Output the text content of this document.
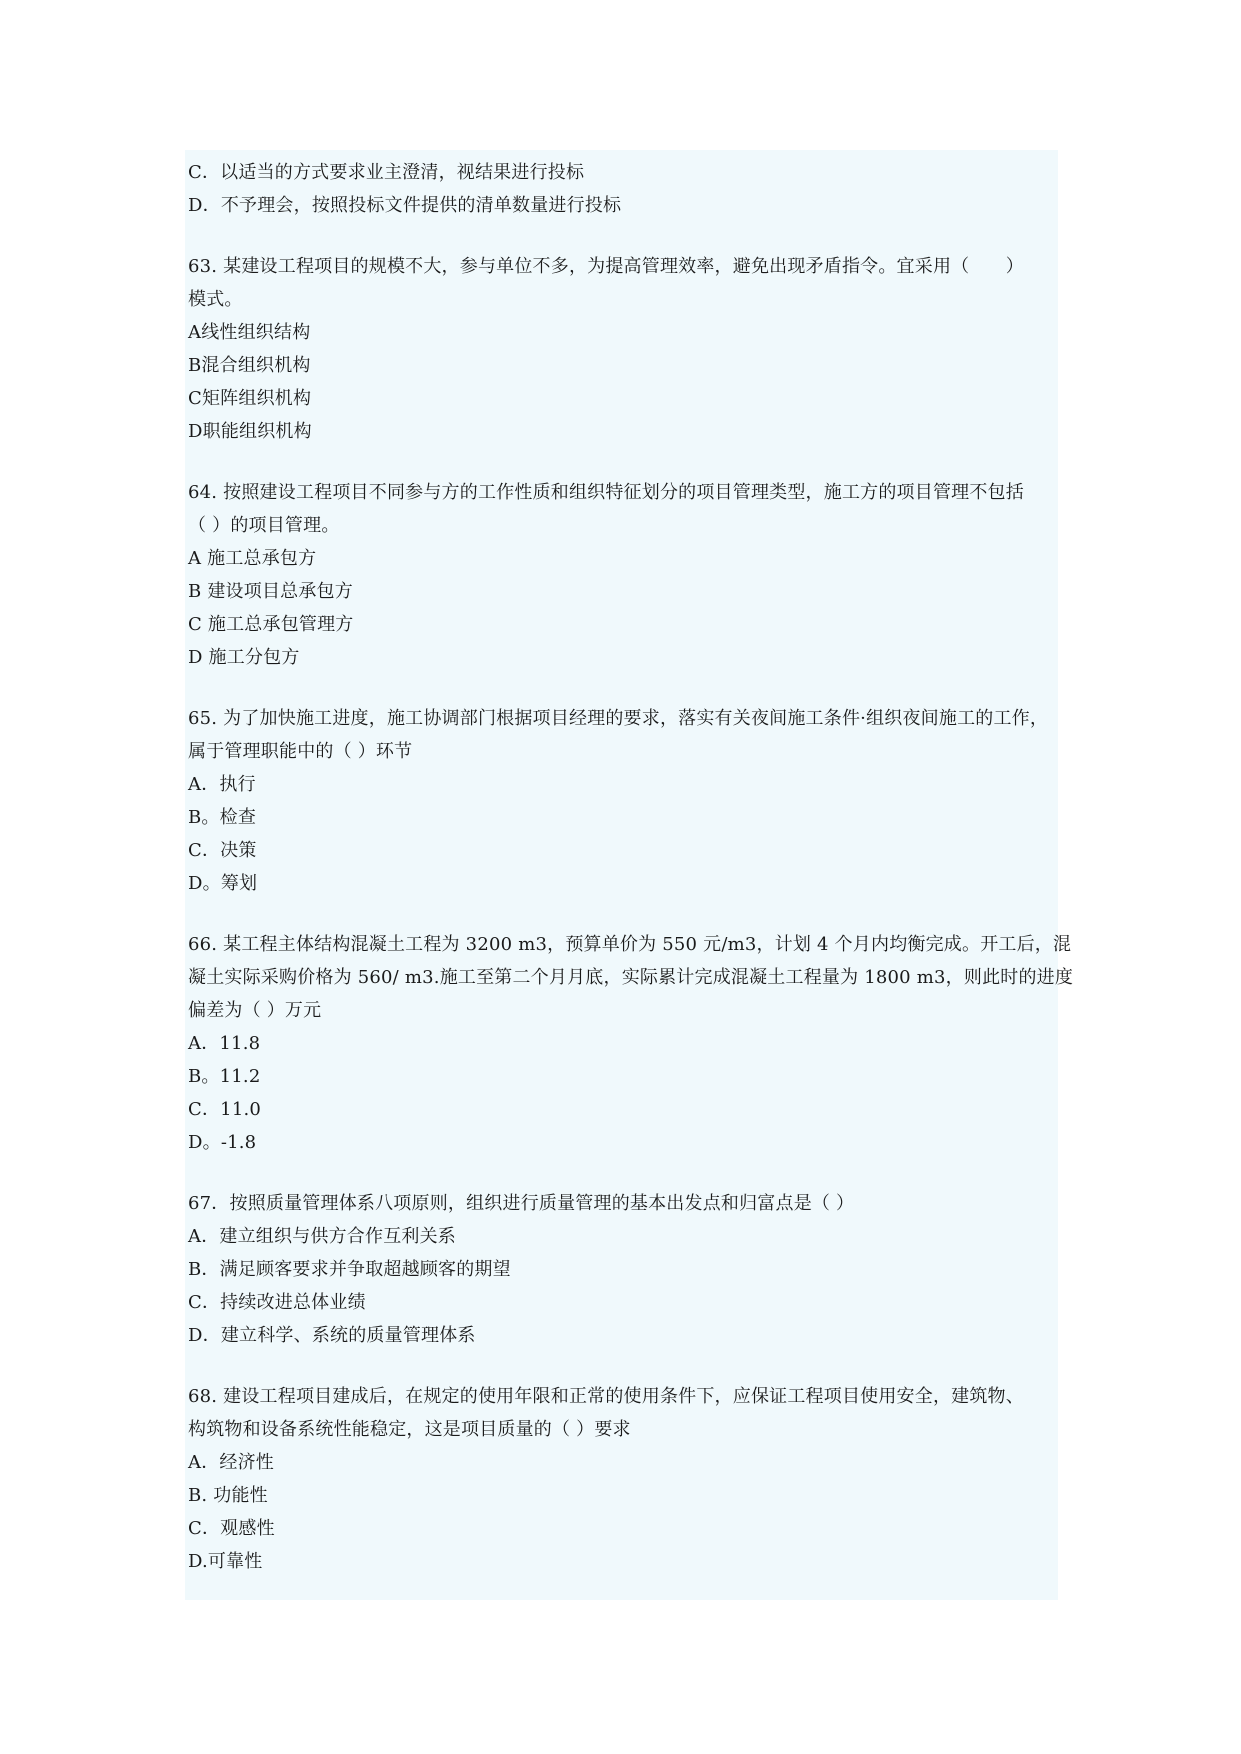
C．以适当的方式要求业主澄清，视结果进行投标
D．不予理会，按照投标文件提供的清单数量进行投标
63. 某建设工程项目的规模不大，参与单位不多，为提高管理效率，避免出现矛盾指令。宜采用（　　）
模式。
A线性组织结构
B混合组织机构
C矩阵组织机构
D职能组织机构
64. 按照建设工程项目不同参与方的工作性质和组织特征划分的项目管理类型，施工方的项目管理不包括
（ ）的项目管理。
A 施工总承包方
B 建设项目总承包方
C 施工总承包管理方
D 施工分包方
65. 为了加快施工进度，施工协调部门根据项目经理的要求，落实有关夜间施工条件·组织夜间施工的工作，
属于管理职能中的（ ）环节
A．执行
B。检查
C．决策
D。筹划
66. 某工程主体结构混凝土工程为 3200 m3，预算单价为 550 元/m3，计划 4 个月内均衡完成。开工后，混
凝土实际采购价格为 560/ m3.施工至第二个月月底，实际累计完成混凝土工程量为 1800 m3，则此时的进度
偏差为（ ）万元
A．11.8
B。11.2
C．11.0
D。-1.8
67．按照质量管理体系八项原则，组织进行质量管理的基本出发点和归富点是（ ）
A．建立组织与供方合作互利关系
B．满足顾客要求并争取超越顾客的期望
C．持续改进总体业绩
D．建立科学、系统的质量管理体系
68. 建设工程项目建成后，在规定的使用年限和正常的使用条件下，应保证工程项目使用安全，建筑物、
构筑物和设备系统性能稳定，这是项目质量的（ ）要求
A．经济性
B. 功能性
C．观感性
D.可靠性
